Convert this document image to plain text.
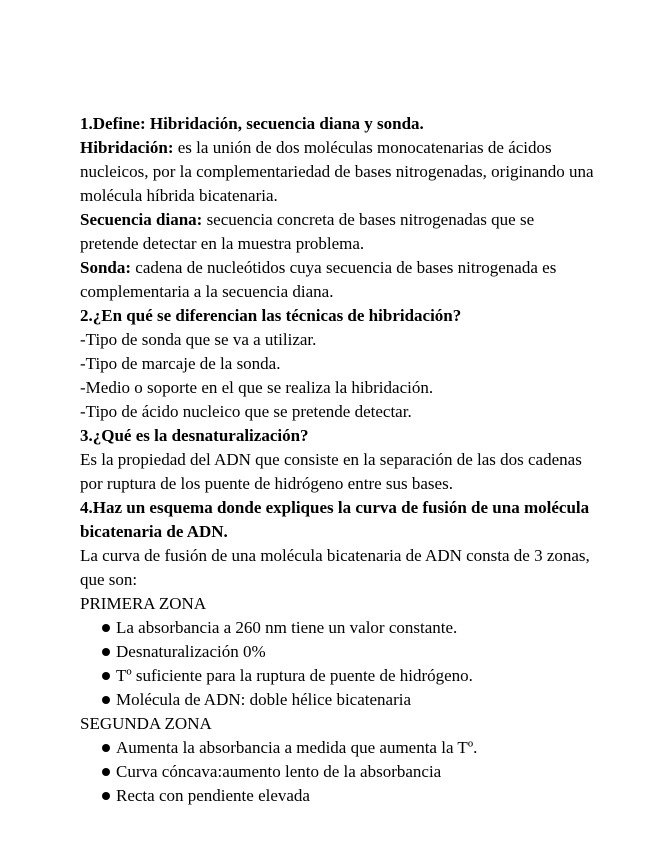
1.Define: Hibridación, secuencia diana y sonda.

Hibridación: es la unión de dos moléculas monocatenarias de ácidos nucleicos, por la complementariedad de bases nitrogenadas, originando una molécula híbrida bicatenaria.

Secuencia diana: secuencia concreta de bases nitrogenadas que se pretende detectar en la muestra problema.

Sonda: cadena de nucleótidos cuya secuencia de bases nitrogenada es complementaria a la secuencia diana.

2.¿En qué se diferencian las técnicas de hibridación?

-Tipo de sonda que se va a utilizar.

-Tipo de marcaje de la sonda.

-Medio o soporte en el que se realiza la hibridación.

-Tipo de ácido nucleico que se pretende detectar.

3.¿Qué es la desnaturalización?

Es la propiedad del ADN que consiste en la separación de las dos cadenas por ruptura de los puente de hidrógeno entre sus bases.

4.Haz un esquema donde expliques la curva de fusión de una molécula bicatenaria de ADN.

La curva de fusión de una molécula bicatenaria de ADN consta de 3 zonas, que son:

PRIMERA ZONA

La absorbancia a 260 nm tiene un valor constante.
Desnaturalización 0%
Tº suficiente para la ruptura de puente de hidrógeno.
Molécula de ADN: doble hélice bicatenaria

SEGUNDA ZONA

Aumenta la absorbancia a medida que aumenta la Tº.
Curva cóncava:aumento lento de la absorbancia
Recta con pendiente elevada
